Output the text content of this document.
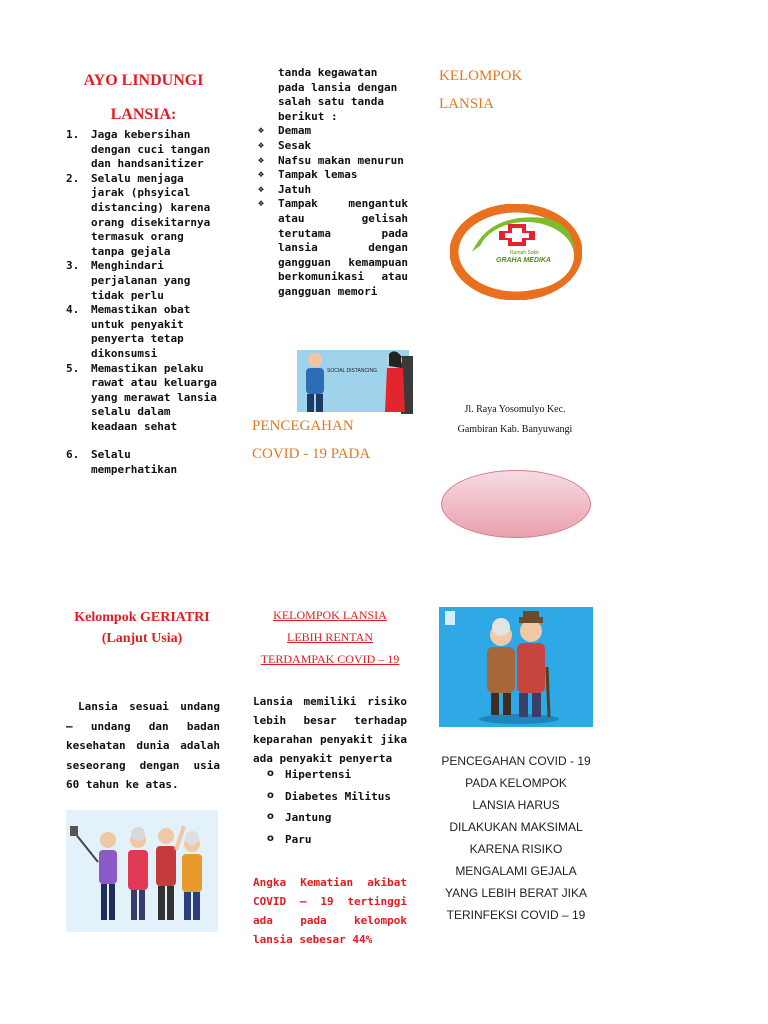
AYO LINDUNGI
LANSIA:
1. Jaga kebersihan dengan cuci tangan dan handsanitizer
2. Selalu menjaga jarak (phsyical distancing) karena orang disekitarnya termasuk orang tanpa gejala
3. Menghindari perjalanan yang tidak perlu
4. Memastikan obat untuk penyakit penyerta tetap dikonsumsi
5. Memastikan pelaku rawat atau keluarga yang merawat lansia selalu dalam keadaan sehat
6. Selalu memperhatikan
tanda kegawatan pada lansia dengan salah satu tanda berikut :
❖ Demam
❖ Sesak
❖ Nafsu makan menurun
❖ Tampak lemas
❖ Jatuh
❖ Tampak mengantuk atau gelisah terutama pada lansia dengan gangguan kemampuan berkomunikasi atau gangguan memori
SOCIAL DISTANCING
PENCEGAHAN
COVID - 19 PADA
KELOMPOK
LANSIA
Rumah Sakit
GRAHA MEDIKA
Jl. Raya Yosomulyo Kec.
Gambiran Kab. Banyuwangi
Kelompok GERIATRI
(Lanjut Usia)
Lansia sesuai undang – undang dan badan kesehatan dunia adalah seseorang dengan usia 60 tahun ke atas.
KELOMPOK LANSIA
LEBIH RENTAN
TERDAMPAK COVID – 19
Lansia memiliki risiko lebih besar terhadap keparahan penyakit jika ada penyakit penyerta
o Hipertensi
o Diabetes Militus
o Jantung
o Paru
Angka Kematian akibat COVID – 19 tertinggi ada pada kelompok lansia sebesar 44%
PENCEGAHAN COVID - 19
PADA KELOMPOK
LANSIA HARUS
DILAKUKAN MAKSIMAL
KARENA RISIKO
MENGALAMI GEJALA
YANG LEBIH BERAT JIKA
TERINFEKSI COVID – 19
